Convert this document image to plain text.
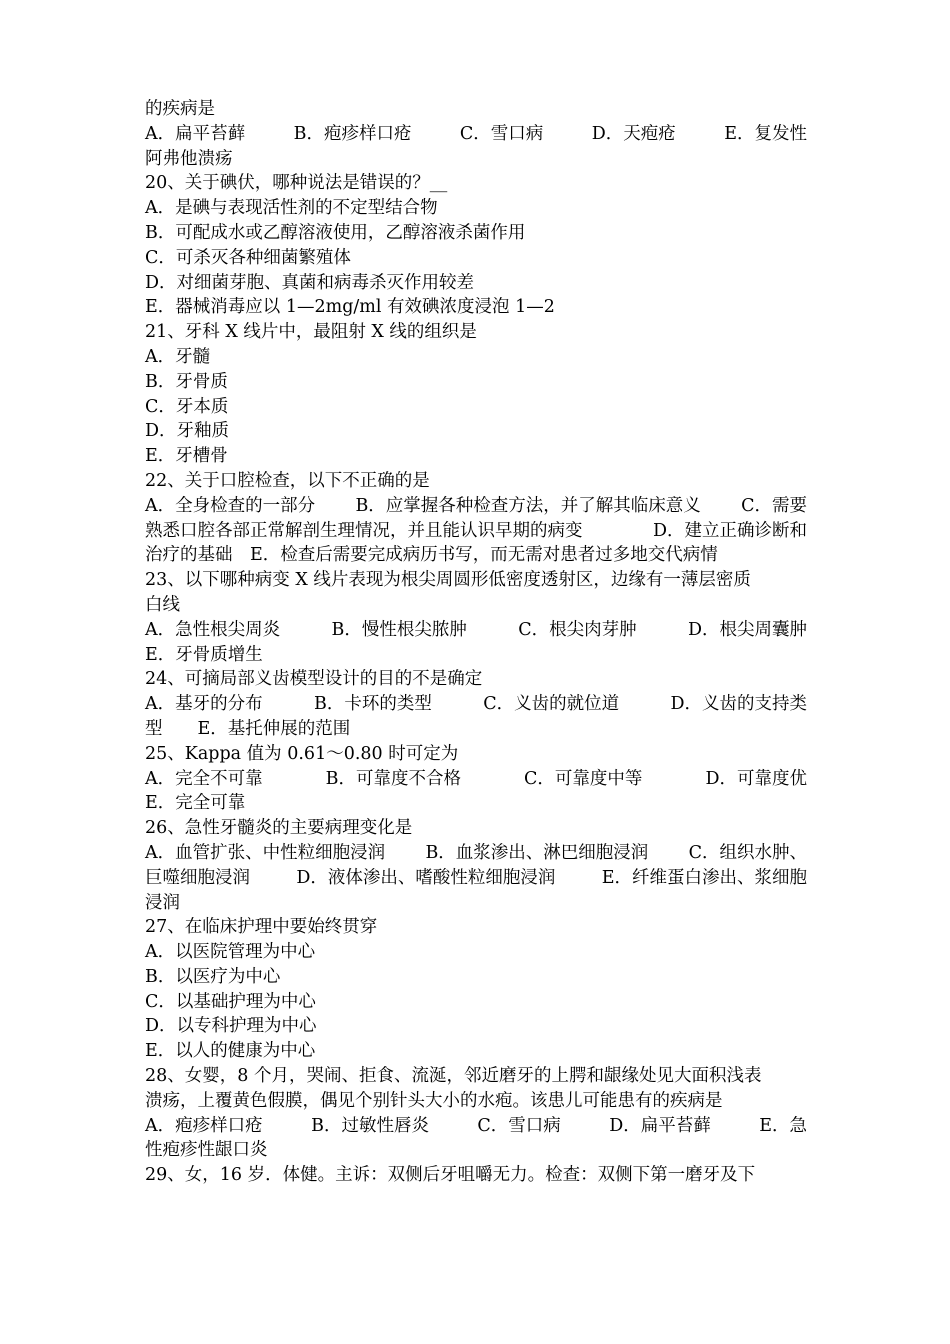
的疾病是
A．扁平苔藓	B．疱疹样口疮	C．雪口病	D．天疱疮	E．复发性
阿弗他溃疡
20、关于碘伏，哪种说法是错误的？__
A．是碘与表现活性剂的不定型结合物
B．可配成水或乙醇溶液使用，乙醇溶液杀菌作用
C．可杀灭各种细菌繁殖体
D．对细菌芽胞、真菌和病毒杀灭作用较差
E．器械消毒应以 1—2mg/ml 有效碘浓度浸泡 1—2
21、牙科 X 线片中，最阻射 X 线的组织是
A．牙髓
B．牙骨质
C．牙本质
D．牙釉质
E．牙槽骨
22、关于口腔检查，以下不正确的是
A．全身检查的一部分 B．应掌握各种检查方法，并了解其临床意义 C．需要
熟悉口腔各部正常解剖生理情况，并且能认识早期的病变	D．建立正确诊断和
治疗的基础　E．检查后需要完成病历书写，而无需对患者过多地交代病情
23、以下哪种病变 X 线片表现为根尖周圆形低密度透射区，边缘有一薄层密质
白线
A．急性根尖周炎	B．慢性根尖脓肿	C．根尖肉芽肿	D．根尖周囊肿
E．牙骨质增生
24、可摘局部义齿模型设计的目的不是确定
A．基牙的分布	B．卡环的类型	C．义齿的就位道	D．义齿的支持类
型　　E．基托伸展的范围
25、Kappa 值为 0.61～0.80 时可定为
A．完全不可靠	B．可靠度不合格	C．可靠度中等	D．可靠度优
E．完全可靠
26、急性牙髓炎的主要病理变化是
A．血管扩张、中性粒细胞浸润 B．血浆渗出、淋巴细胞浸润 C．组织水肿、
巨噬细胞浸润	D．液体渗出、嗜酸性粒细胞浸润	E．纤维蛋白渗出、浆细胞
浸润
27、在临床护理中要始终贯穿
A．以医院管理为中心
B．以医疗为中心
C．以基础护理为中心
D．以专科护理为中心
E．以人的健康为中心
28、女婴，8 个月，哭闹、拒食、流涎，邻近磨牙的上腭和龈缘处见大面积浅表
溃疡，上覆黄色假膜，偶见个别针头大小的水疱。该患儿可能患有的疾病是
A．疱疹样口疮	B．过敏性唇炎	C．雪口病	D．扁平苔藓	E．急
性疱疹性龈口炎
29、女，16 岁．体健。主诉：双侧后牙咀嚼无力。检查：双侧下第一磨牙及下
